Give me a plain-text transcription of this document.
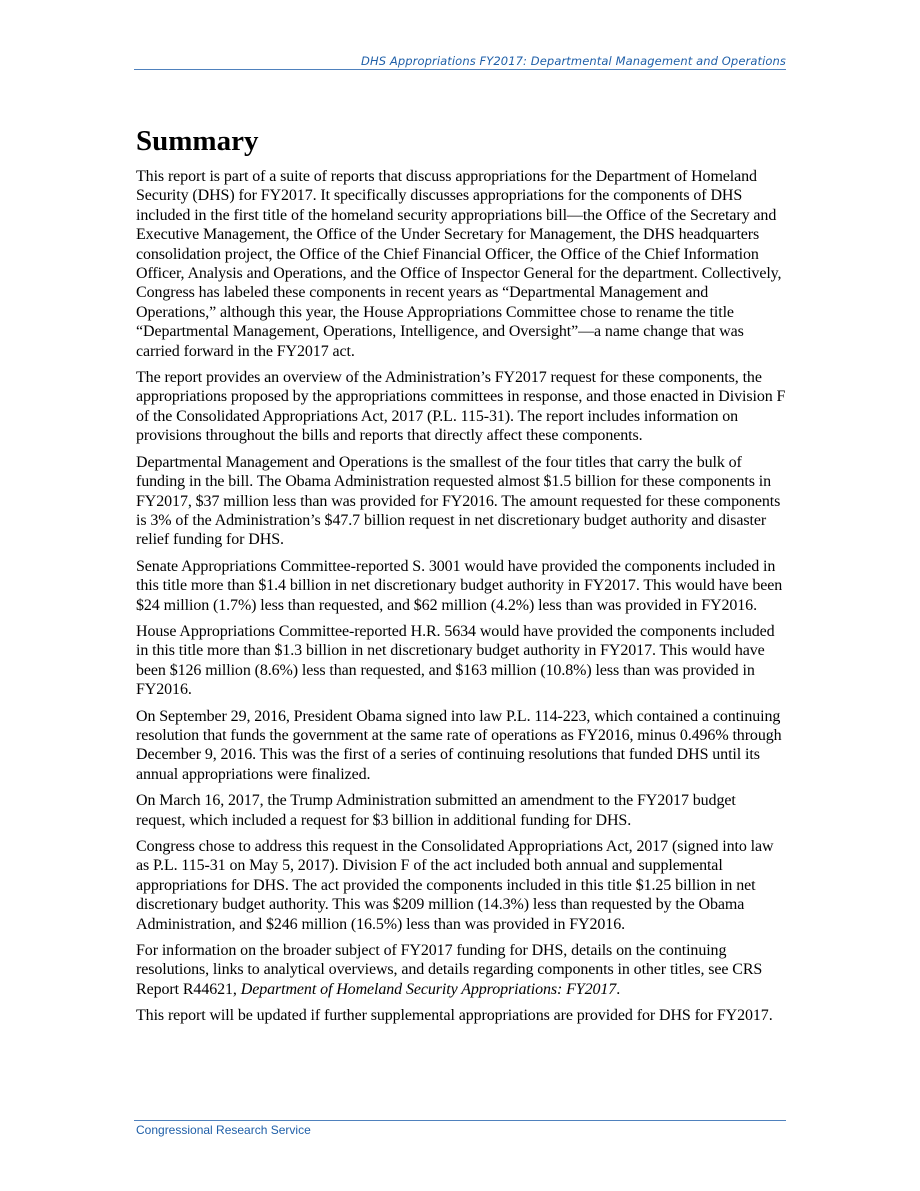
DHS Appropriations FY2017: Departmental Management and Operations
Summary

This report is part of a suite of reports that discuss appropriations for the Department of Homeland Security (DHS) for FY2017. It specifically discusses appropriations for the components of DHS included in the first title of the homeland security appropriations bill—the Office of the Secretary and Executive Management, the Office of the Under Secretary for Management, the DHS headquarters consolidation project, the Office of the Chief Financial Officer, the Office of the Chief Information Officer, Analysis and Operations, and the Office of Inspector General for the department. Collectively, Congress has labeled these components in recent years as “Departmental Management and Operations,” although this year, the House Appropriations Committee chose to rename the title “Departmental Management, Operations, Intelligence, and Oversight”—a name change that was carried forward in the FY2017 act.

The report provides an overview of the Administration’s FY2017 request for these components, the appropriations proposed by the appropriations committees in response, and those enacted in Division F of the Consolidated Appropriations Act, 2017 (P.L. 115-31). The report includes information on provisions throughout the bills and reports that directly affect these components.

Departmental Management and Operations is the smallest of the four titles that carry the bulk of funding in the bill. The Obama Administration requested almost $1.5 billion for these components in FY2017, $37 million less than was provided for FY2016. The amount requested for these components is 3% of the Administration’s $47.7 billion request in net discretionary budget authority and disaster relief funding for DHS.

Senate Appropriations Committee-reported S. 3001 would have provided the components included in this title more than $1.4 billion in net discretionary budget authority in FY2017. This would have been $24 million (1.7%) less than requested, and $62 million (4.2%) less than was provided in FY2016.

House Appropriations Committee-reported H.R. 5634 would have provided the components included in this title more than $1.3 billion in net discretionary budget authority in FY2017. This would have been $126 million (8.6%) less than requested, and $163 million (10.8%) less than was provided in FY2016.

On September 29, 2016, President Obama signed into law P.L. 114-223, which contained a continuing resolution that funds the government at the same rate of operations as FY2016, minus 0.496% through December 9, 2016. This was the first of a series of continuing resolutions that funded DHS until its annual appropriations were finalized.

On March 16, 2017, the Trump Administration submitted an amendment to the FY2017 budget request, which included a request for $3 billion in additional funding for DHS.

Congress chose to address this request in the Consolidated Appropriations Act, 2017 (signed into law as P.L. 115-31 on May 5, 2017). Division F of the act included both annual and supplemental appropriations for DHS. The act provided the components included in this title $1.25 billion in net discretionary budget authority. This was $209 million (14.3%) less than requested by the Obama Administration, and $246 million (16.5%) less than was provided in FY2016.

For information on the broader subject of FY2017 funding for DHS, details on the continuing resolutions, links to analytical overviews, and details regarding components in other titles, see CRS Report R44621, Department of Homeland Security Appropriations: FY2017.

This report will be updated if further supplemental appropriations are provided for DHS for FY2017.

Congressional Research Service
